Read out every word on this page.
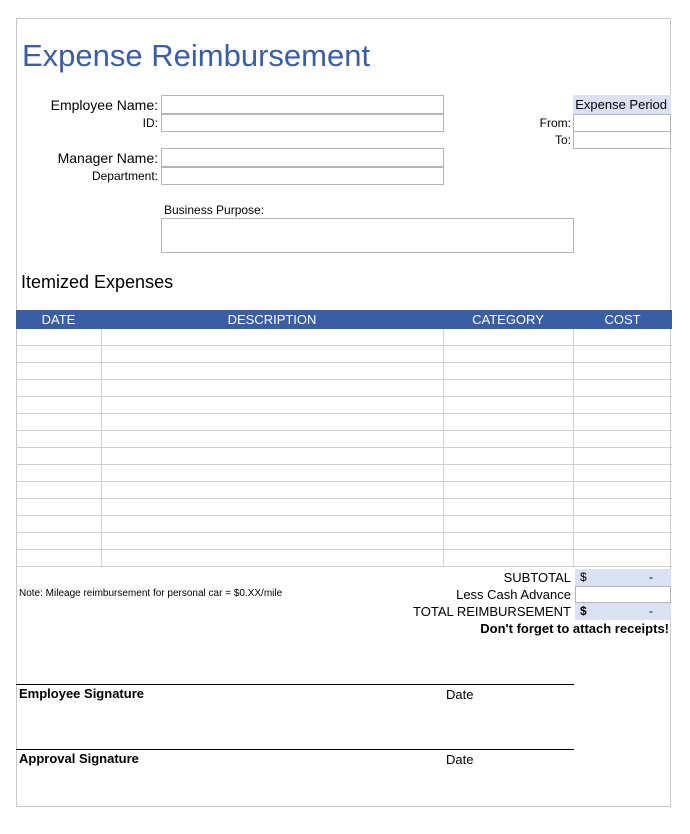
Expense Reimbursement
Employee Name:
ID:
Manager Name:
Department:
Business Purpose:
Expense Period
From:
To:
Itemized Expenses
DATE	DESCRIPTION	CATEGORY	COST

Note: Mileage reimbursement for personal car = $0.XX/mile
SUBTOTAL $	-
Less Cash Advance
TOTAL REIMBURSEMENT $	-
Don't forget to attach receipts!
Employee Signature	Date
Approval Signature	Date
